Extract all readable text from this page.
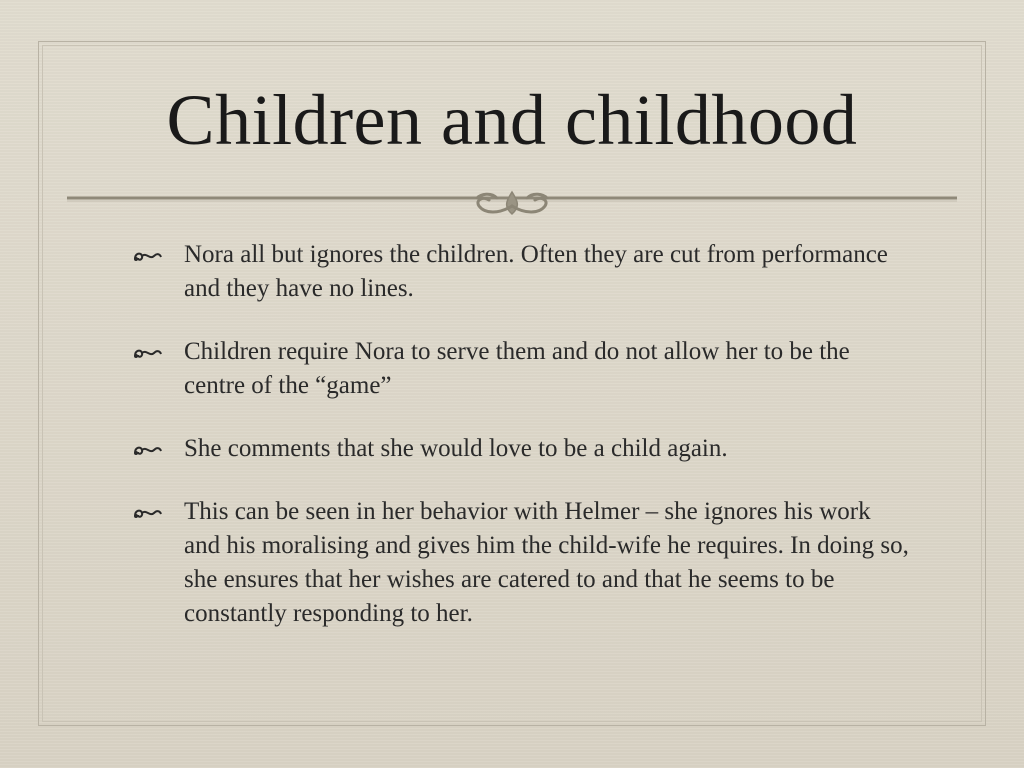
Children and childhood
Nora all but ignores the children. Often they are cut from performance and they have no lines.
Children require Nora to serve them and do not allow her to be the centre of the “game”
She comments that she would love to be a child again.
This can be seen in her behavior with Helmer – she ignores his work and his moralising and gives him the child-wife he requires. In doing so, she ensures that her wishes are catered to and that he seems to be constantly responding to her.
